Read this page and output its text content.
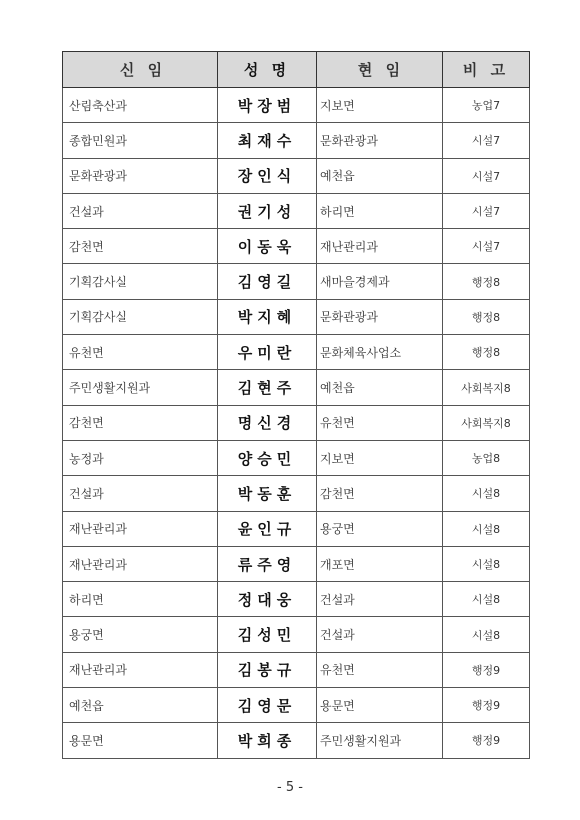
신 임	성 명	현 임	비 고
산림축산과	박장범	지보면	농업7
종합민원과	최재수	문화관광과	시설7
문화관광과	장인식	예천읍	시설7
건설과	권기성	하리면	시설7
감천면	이동욱	재난관리과	시설7
기획감사실	김영길	새마을경제과	행정8
기획감사실	박지혜	문화관광과	행정8
유천면	우미란	문화체육사업소	행정8
주민생활지원과	김현주	예천읍	사회복지8
감천면	명신경	유천면	사회복지8
농정과	양승민	지보면	농업8
건설과	박동훈	감천면	시설8
재난관리과	윤인규	용궁면	시설8
재난관리과	류주영	개포면	시설8
하리면	정대웅	건설과	시설8
용궁면	김성민	건설과	시설8
재난관리과	김봉규	유천면	행정9
예천읍	김영문	용문면	행정9
용문면	박희종	주민생활지원과	행정9
- 5 -
